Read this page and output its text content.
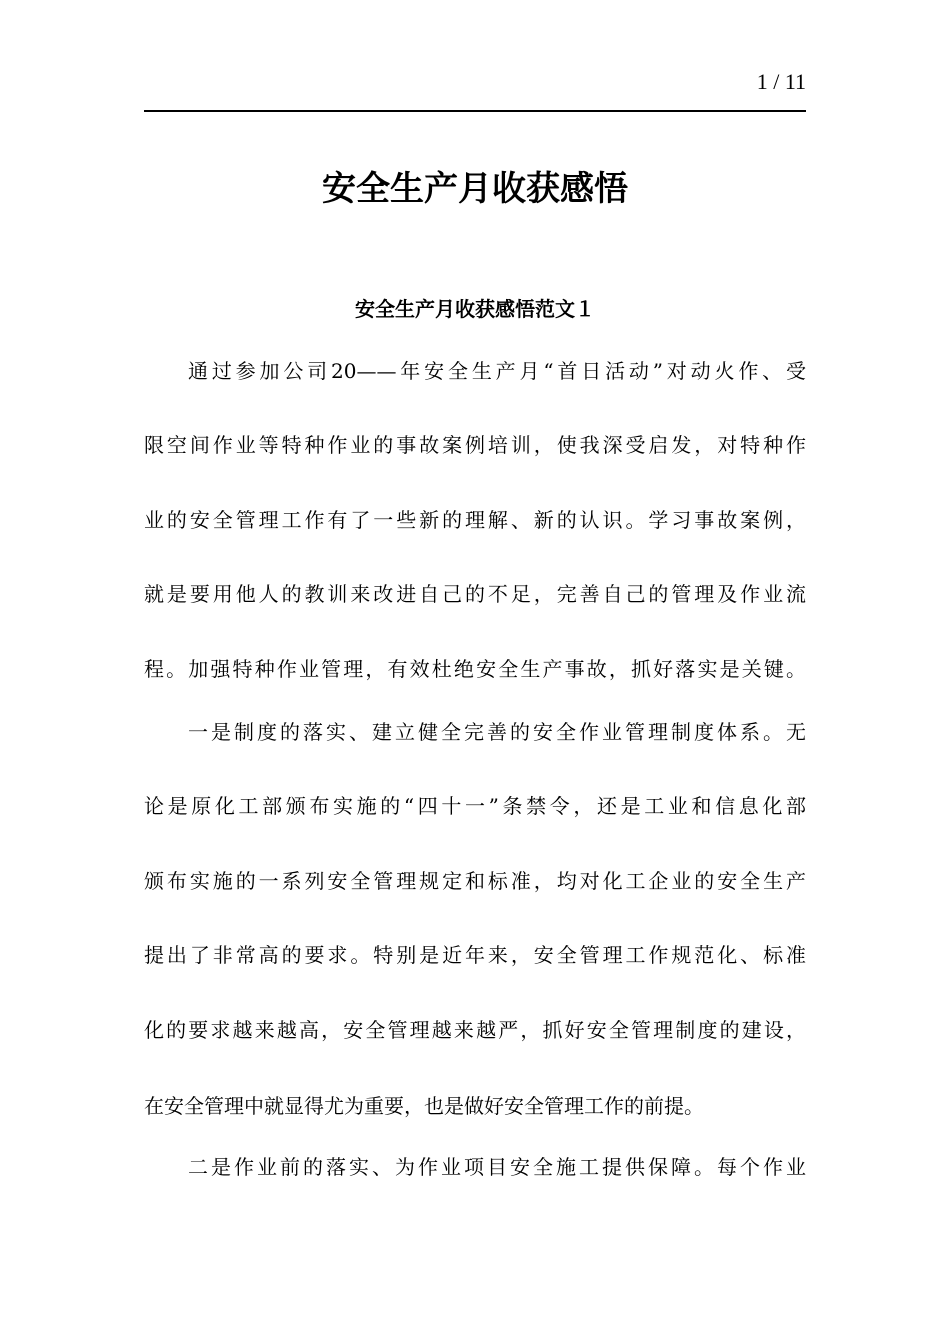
1 / 11
安全生产月收获感悟
安全生产月收获感悟范文１

通过参加公司20——年安全生产月“首日活动”对动火作、受

限空间作业等特种作业的事故案例培训，使我深受启发，对特种作

业的安全管理工作有了一些新的理解、新的认识。学习事故案例，

就是要用他人的教训来改进自己的不足，完善自己的管理及作业流

程。加强特种作业管理，有效杜绝安全生产事故，抓好落实是关键。

一是制度的落实、建立健全完善的安全作业管理制度体系。无

论是原化工部颁布实施的“四十一”条禁令，还是工业和信息化部

颁布实施的一系列安全管理规定和标准，均对化工企业的安全生产

提出了非常高的要求。特别是近年来，安全管理工作规范化、标准

化的要求越来越高，安全管理越来越严，抓好安全管理制度的建设，

在安全管理中就显得尤为重要，也是做好安全管理工作的前提。

二是作业前的落实、为作业项目安全施工提供保障。每个作业
